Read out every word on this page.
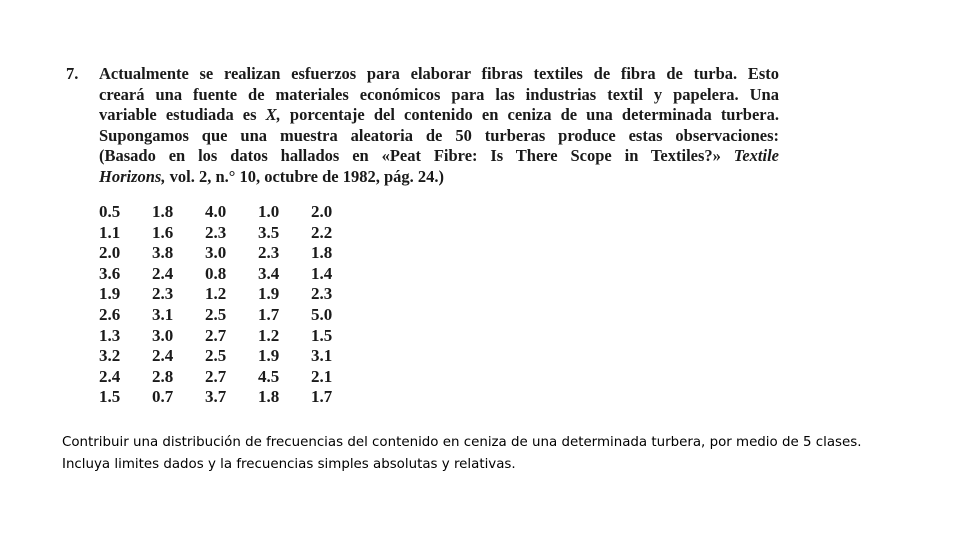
7. Actualmente se realizan esfuerzos para elaborar fibras textiles de fibra de turba. Esto
creará una fuente de materiales económicos para las industrias textil y papelera. Una
variable estudiada es X, porcentaje del contenido en ceniza de una determinada turbera.
Supongamos que una muestra aleatoria de 50 turberas produce estas observaciones:
(Basado en los datos hallados en «Peat Fibre: Is There Scope in Textiles?» Textile
Horizons, vol. 2, n.° 10, octubre de 1982, pág. 24.)
0.5	1.8	4.0	1.0	2.0
1.1	1.6	2.3	3.5	2.2
2.0	3.8	3.0	2.3	1.8
3.6	2.4	0.8	3.4	1.4
1.9	2.3	1.2	1.9	2.3
2.6	3.1	2.5	1.7	5.0
1.3	3.0	2.7	1.2	1.5
3.2	2.4	2.5	1.9	3.1
2.4	2.8	2.7	4.5	2.1
1.5	0.7	3.7	1.8	1.7
Contribuir una distribución de frecuencias del contenido en ceniza de una determinada turbera, por medio de 5 clases. Incluya limites dados y la frecuencias simples absolutas y relativas.
